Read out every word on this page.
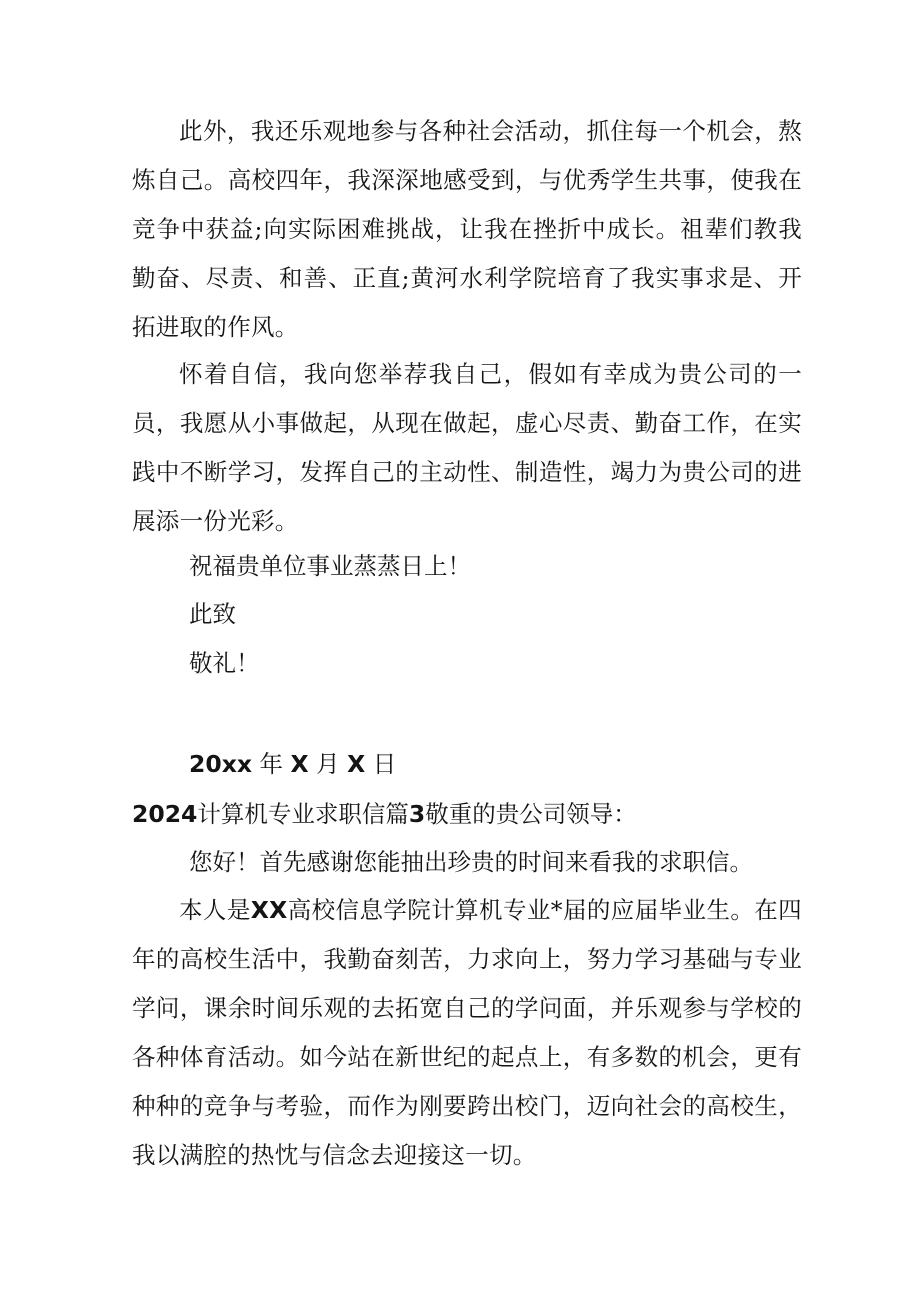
此外，我还乐观地参与各种社会活动，抓住每一个机会，熬炼自己。高校四年，我深深地感受到，与优秀学生共事，使我在竞争中获益;向实际困难挑战，让我在挫折中成长。祖辈们教我勤奋、尽责、和善、正直;黄河水利学院培育了我实事求是、开拓进取的作风。

怀着自信，我向您举荐我自己，假如有幸成为贵公司的一员，我愿从小事做起，从现在做起，虚心尽责、勤奋工作，在实践中不断学习，发挥自己的主动性、制造性，竭力为贵公司的进展添一份光彩。

祝福贵单位事业蒸蒸日上！

此致

敬礼！

20xx 年 X 月 X 日

2024计算机专业求职信篇3敬重的贵公司领导：

您好！首先感谢您能抽出珍贵的时间来看我的求职信。

本人是XX高校信息学院计算机专业*届的应届毕业生。在四年的高校生活中，我勤奋刻苦，力求向上，努力学习基础与专业学问，课余时间乐观的去拓宽自己的学问面，并乐观参与学校的各种体育活动。如今站在新世纪的起点上，有多数的机会，更有种种的竞争与考验，而作为刚要跨出校门，迈向社会的高校生，我以满腔的热忱与信念去迎接这一切。
